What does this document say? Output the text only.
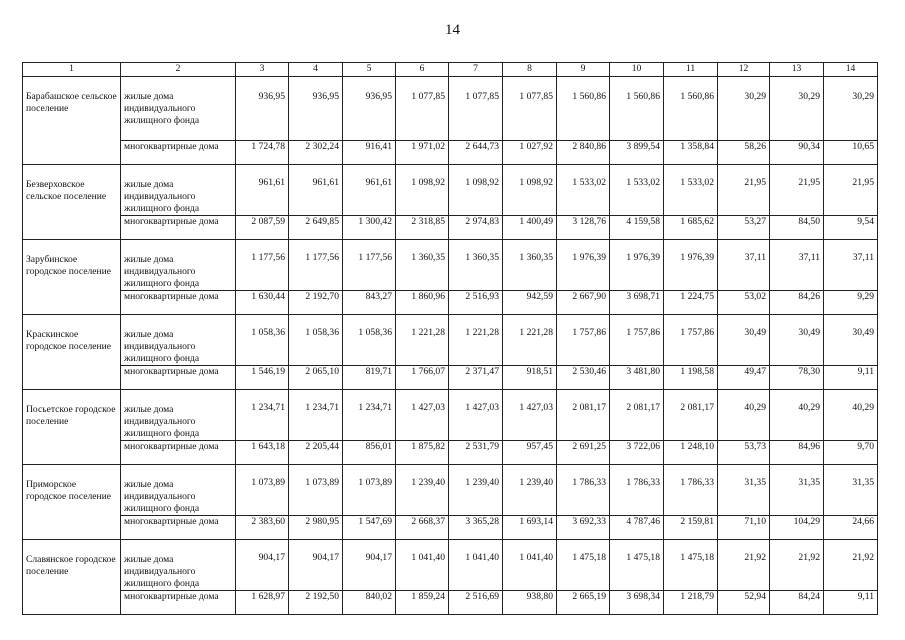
14
1	2	3	4	5	6	7	8	9	10	11	12	13	14
Барабашское сельское поселение	жилые дома индивидуального жилищного фонда	936,95	936,95	936,95	1 077,85	1 077,85	1 077,85	1 560,86	1 560,86	1 560,86	30,29	30,29	30,29
	многоквартирные дома	1 724,78	2 302,24	916,41	1 971,02	2 644,73	1 027,92	2 840,86	3 899,54	1 358,84	58,26	90,34	10,65
Безверховское сельское поселение	жилые дома индивидуального жилищного фонда	961,61	961,61	961,61	1 098,92	1 098,92	1 098,92	1 533,02	1 533,02	1 533,02	21,95	21,95	21,95
	многоквартирные дома	2 087,59	2 649,85	1 300,42	2 318,85	2 974,83	1 400,49	3 128,76	4 159,58	1 685,62	53,27	84,50	9,54
Зарубинское городское поселение	жилые дома индивидуального жилищного фонда	1 177,56	1 177,56	1 177,56	1 360,35	1 360,35	1 360,35	1 976,39	1 976,39	1 976,39	37,11	37,11	37,11
	многоквартирные дома	1 630,44	2 192,70	843,27	1 860,96	2 516,93	942,59	2 667,90	3 698,71	1 224,75	53,02	84,26	9,29
Краскинское городское поселение	жилые дома индивидуального жилищного фонда	1 058,36	1 058,36	1 058,36	1 221,28	1 221,28	1 221,28	1 757,86	1 757,86	1 757,86	30,49	30,49	30,49
	многоквартирные дома	1 546,19	2 065,10	819,71	1 766,07	2 371,47	918,51	2 530,46	3 481,80	1 198,58	49,47	78,30	9,11
Посьетское городское поселение	жилые дома индивидуального жилищного фонда	1 234,71	1 234,71	1 234,71	1 427,03	1 427,03	1 427,03	2 081,17	2 081,17	2 081,17	40,29	40,29	40,29
	многоквартирные дома	1 643,18	2 205,44	856,01	1 875,82	2 531,79	957,45	2 691,25	3 722,06	1 248,10	53,73	84,96	9,70
Приморское городское поселение	жилые дома индивидуального жилищного фонда	1 073,89	1 073,89	1 073,89	1 239,40	1 239,40	1 239,40	1 786,33	1 786,33	1 786,33	31,35	31,35	31,35
	многоквартирные дома	2 383,60	2 980,95	1 547,69	2 668,37	3 365,28	1 693,14	3 692,33	4 787,46	2 159,81	71,10	104,29	24,66
Славянское городское поселение	жилые дома индивидуального жилищного фонда	904,17	904,17	904,17	1 041,40	1 041,40	1 041,40	1 475,18	1 475,18	1 475,18	21,92	21,92	21,92
	многоквартирные дома	1 628,97	2 192,50	840,02	1 859,24	2 516,69	938,80	2 665,19	3 698,34	1 218,79	52,94	84,24	9,11
